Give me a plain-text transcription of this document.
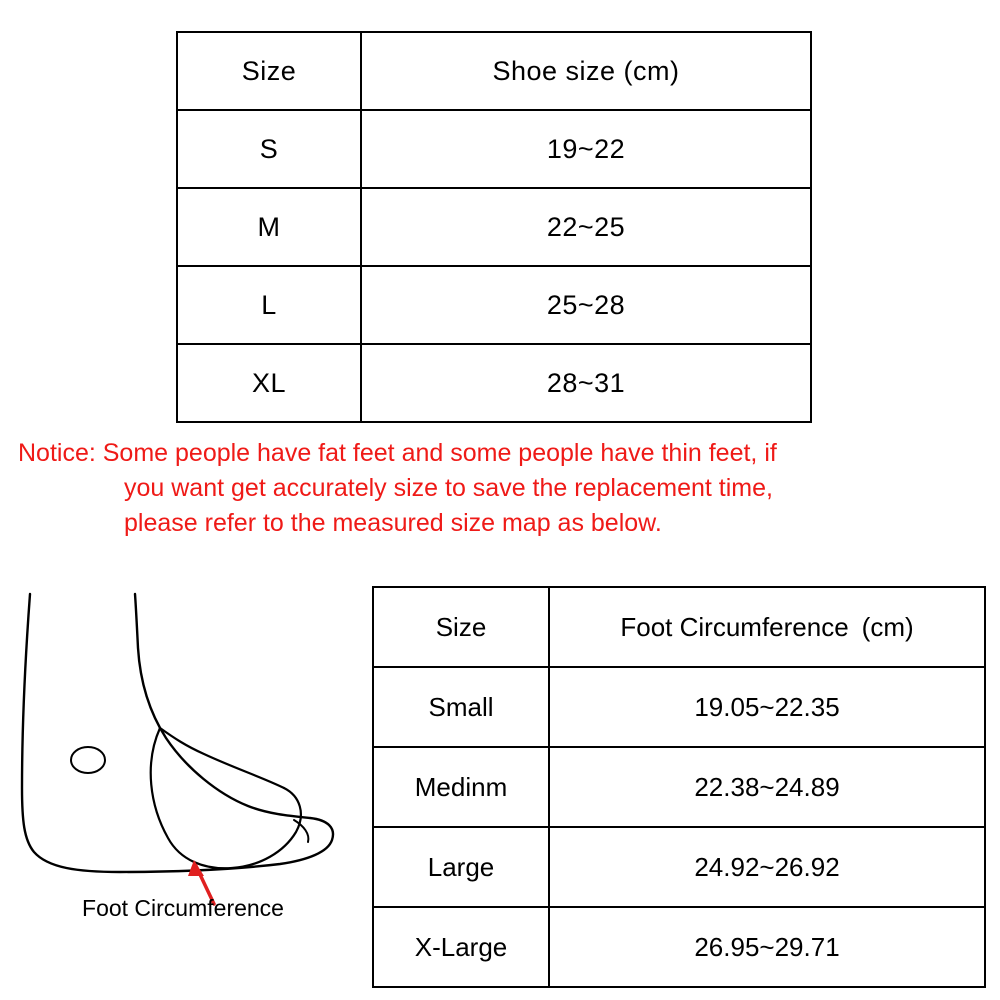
Size	Shoe size (cm)
S	19~22
M	22~25
L	25~28
XL	28~31
Notice: Some people have fat feet and some people have thin feet, if
you want get accurately size to save the replacement time,
please refer to the measured size map as below.
Foot Circumference
Size	Foot Circumference (cm)
Small	19.05~22.35
Medinm	22.38~24.89
Large	24.92~26.92
X-Large	26.95~29.71
